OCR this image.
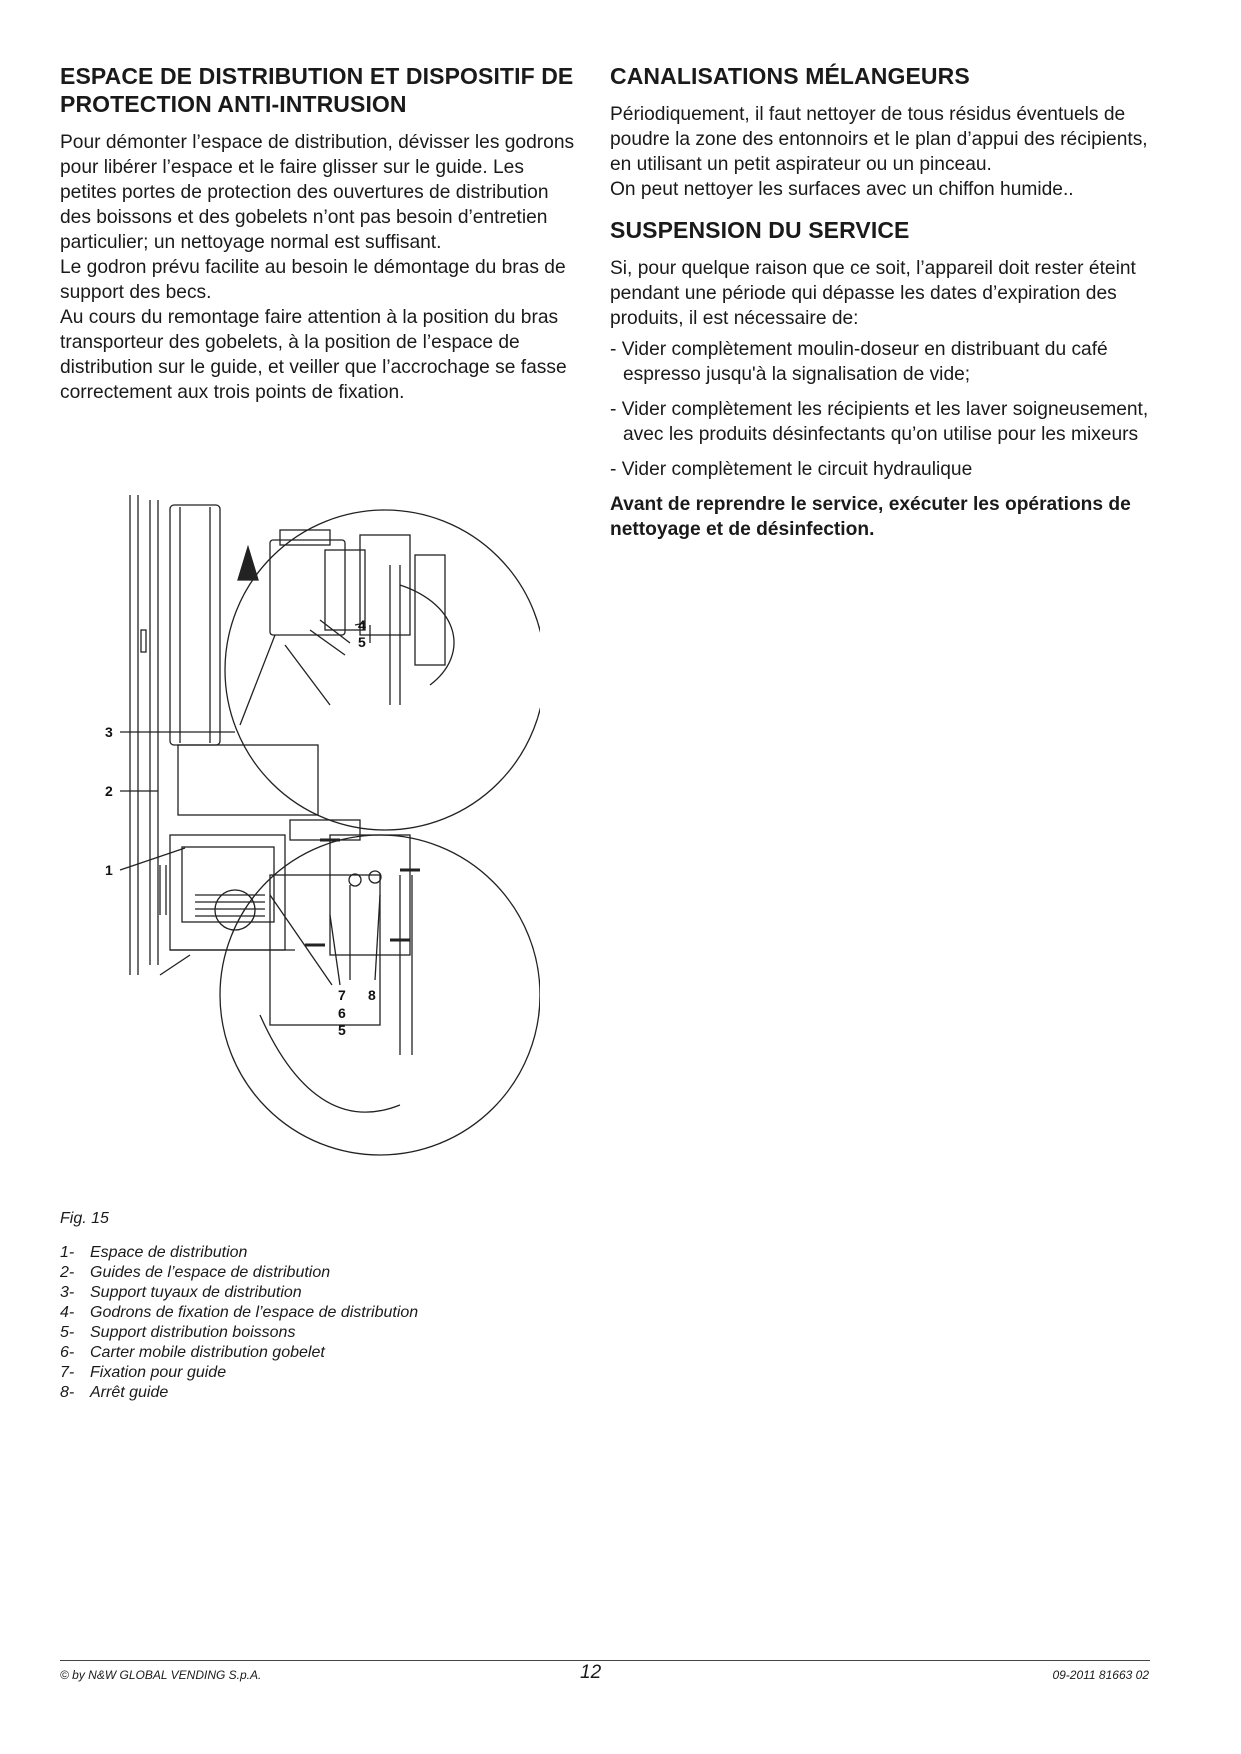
ESPACE DE DISTRIBUTION ET DISPOSITIF DE PROTECTION ANTI-INTRUSION

Pour démonter l’espace de distribution, dévisser les godrons pour libérer l’espace et le faire glisser sur le guide. Les petites portes de protection des ouvertures de distribution des boissons et des gobelets n’ont pas besoin d’entretien particulier; un nettoyage normal est suffisant.

Le godron prévu facilite au besoin le démontage du bras de support des becs.

Au cours du remontage faire attention à la position du bras transporteur des gobelets, à la position de l’espace de distribution sur le guide, et veiller que l’accrochage se fasse correctement aux trois points de fixation.

CANALISATIONS MÉLANGEURS

Périodiquement, il faut nettoyer de tous résidus éventuels de poudre la zone des entonnoirs et le plan d’appui des récipients, en utilisant un petit aspirateur ou un pinceau.

On peut nettoyer les surfaces avec un chiffon humide..

SUSPENSION DU SERVICE

Si, pour quelque raison que ce soit, l’appareil doit rester éteint pendant une période qui dépasse les dates d’expiration des produits, il est nécessaire de:

- Vider complètement moulin-doseur en distribuant du café espresso jusqu'à la signalisation de vide;
- Vider complètement les récipients et les laver soigneusement, avec les produits désinfectants qu’on utilise pour les mixeurs
- Vider complètement le circuit hydraulique

Avant de reprendre le service, exécuter les opérations de nettoyage et de désinfection.

4
5
3
2
1
7 8
6
5
Fig. 15
1- Espace de distribution
2- Guides de l’espace de distribution
3- Support tuyaux de distribution
4- Godrons de fixation de l’espace de distribution
5- Support distribution boissons
6- Carter mobile distribution gobelet
7- Fixation pour guide
8- Arrêt guide
© by N&W GLOBAL VENDING S.p.A.	12	09-2011 81663 02
